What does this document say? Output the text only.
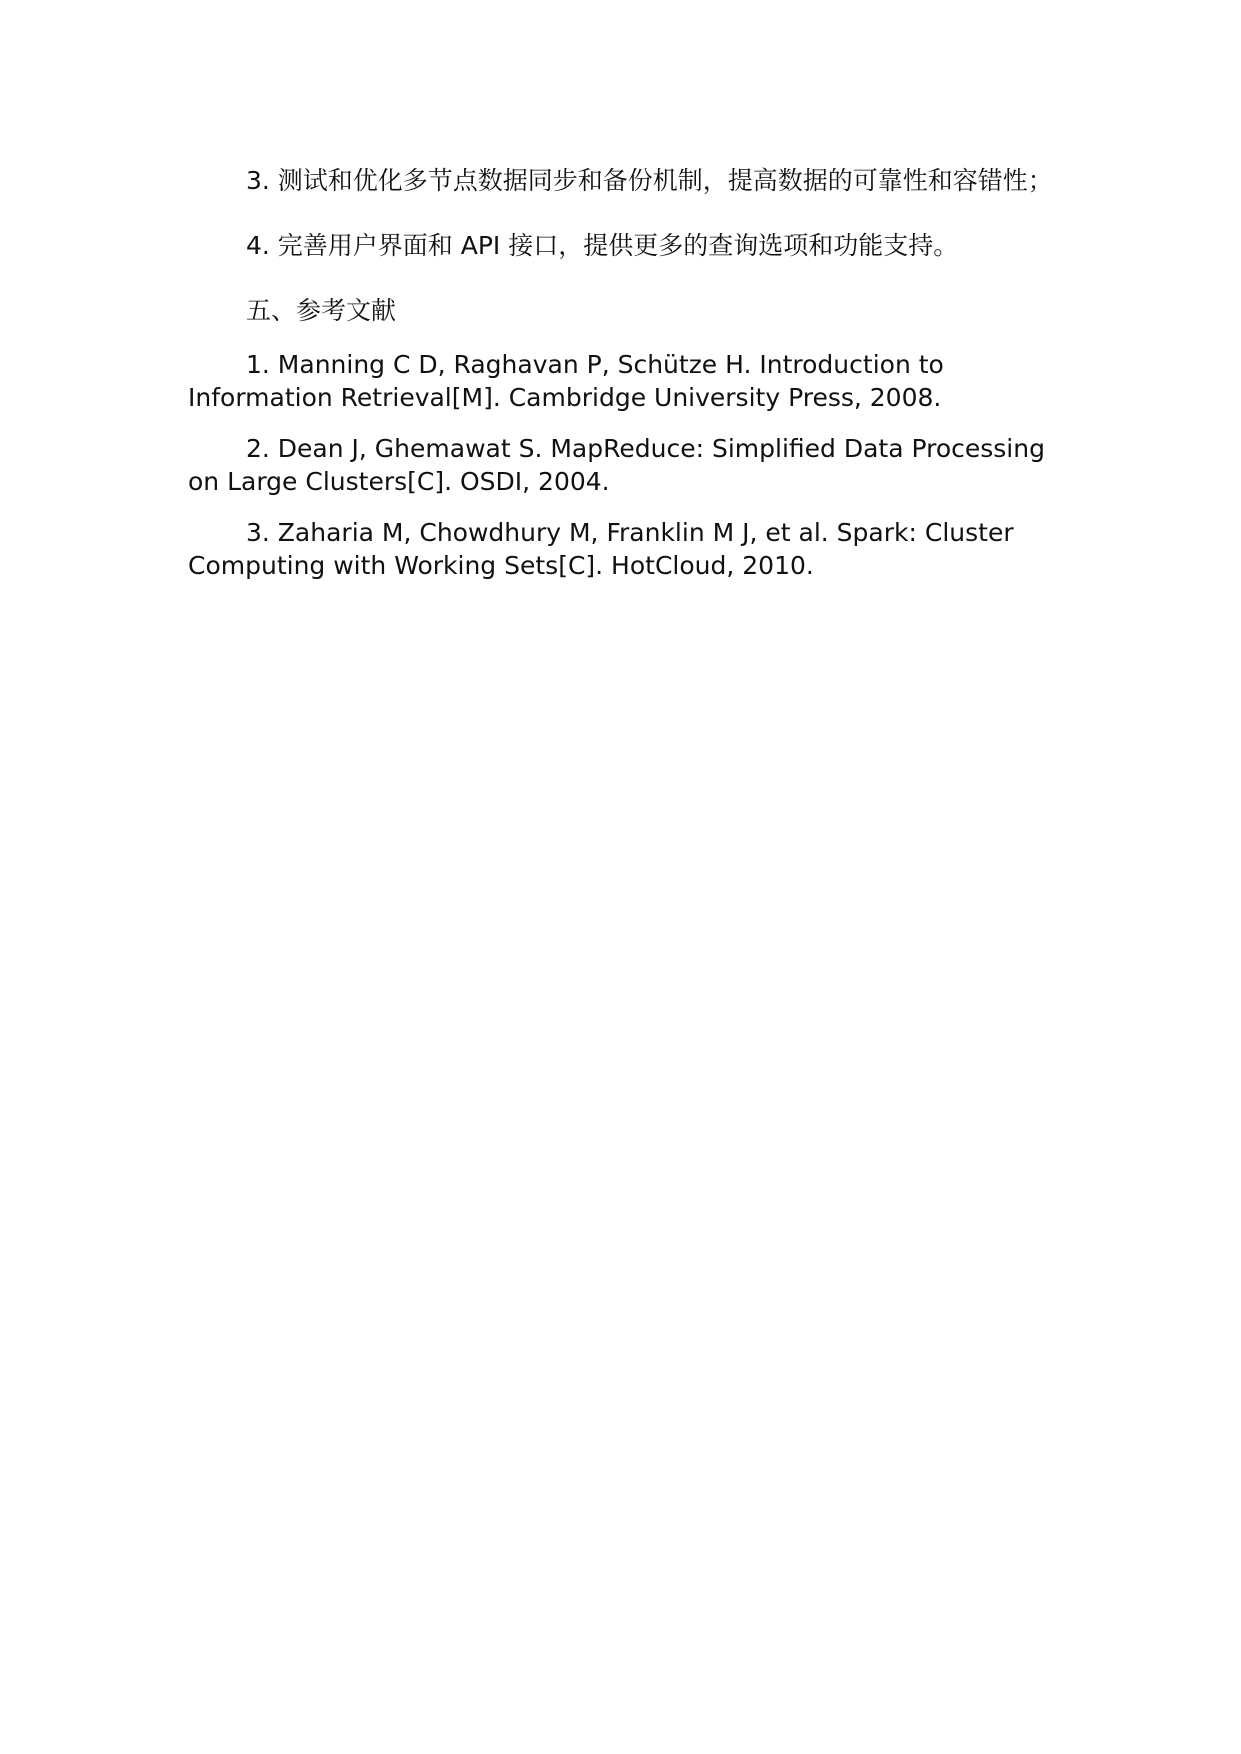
3. 测试和优化多节点数据同步和备份机制，提高数据的可靠性和容错性；

4. 完善用户界面和 API 接口，提供更多的查询选项和功能支持。

五、参考文献

1. Manning C D, Raghavan P, Schütze H. Introduction to Information Retrieval[M]. Cambridge University Press, 2008.

2. Dean J, Ghemawat S. MapReduce: Simplified Data Processing on Large Clusters[C]. OSDI, 2004.

3. Zaharia M, Chowdhury M, Franklin M J, et al. Spark: Cluster Computing with Working Sets[C]. HotCloud, 2010.
